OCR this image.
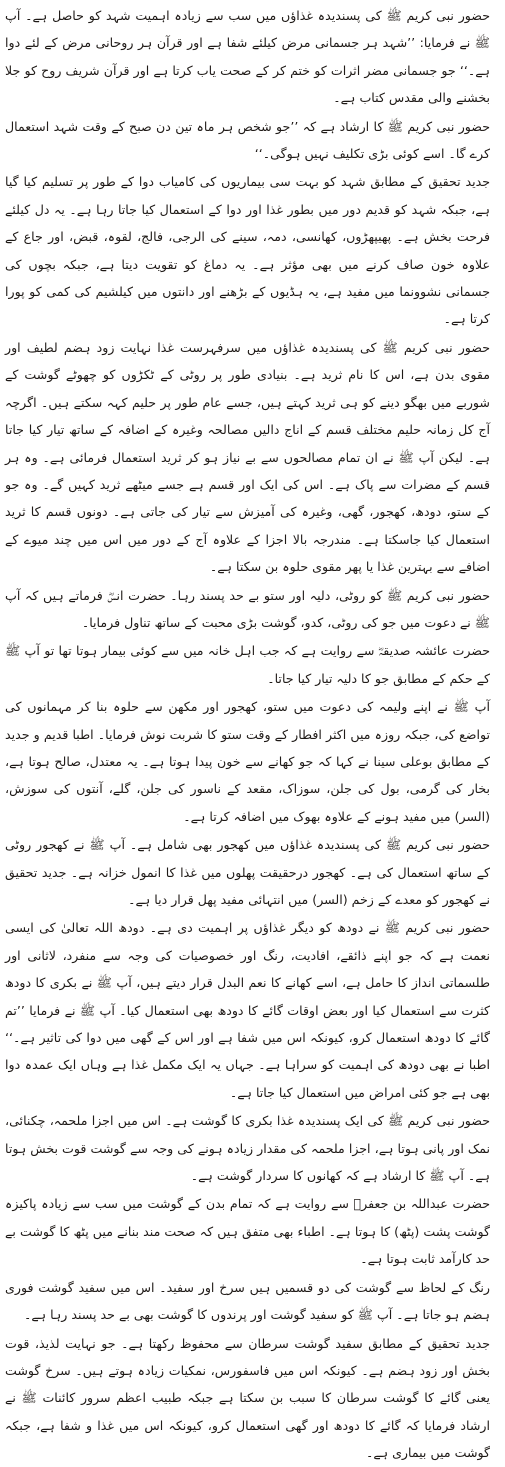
حضور نبی کریم ﷺ کی پسندیدہ غذاؤں میں سب سے زیادہ اہمیت شہد کو حاصل ہے۔ آپ ﷺ نے فرمایا: ’’شہد ہر جسمانی مرض کیلئے شفا ہے اور قرآن ہر روحانی مرض کے لئے دوا ہے۔‘‘ جو جسمانی مضر اثرات کو ختم کر کے صحت یاب کرتا ہے اور قرآن شریف روح کو جلا بخشنے والی مقدس کتاب ہے۔

حضور نبی کریم ﷺ کا ارشاد ہے کہ ’’جو شخص ہر ماہ تین دن صبح کے وقت شہد استعمال کرے گا۔ اسے کوئی بڑی تکلیف نہیں ہوگی۔‘‘

جدید تحقیق کے مطابق شہد کو بہت سی بیماریوں کی کامیاب دوا کے طور پر تسلیم کیا گیا ہے، جبکہ شہد کو قدیم دور میں بطور غذا اور دوا کے استعمال کیا جاتا رہا ہے۔ یہ دل کیلئے فرحت بخش ہے۔ پھیپھڑوں، کھانسی، دمہ، سینے کی الرجی، فالج، لقوہ، قبض، اور جاع کے علاوہ خون صاف کرنے میں بھی مؤثر ہے۔ یہ دماغ کو تقویت دیتا ہے، جبکہ بچوں کی جسمانی نشوونما میں مفید ہے، یہ ہڈیوں کے بڑھنے اور دانتوں میں کیلشیم کی کمی کو پورا کرتا ہے۔

حضور نبی کریم ﷺ کی پسندیدہ غذاؤں میں سرفہرست غذا نہایت زود ہضم لطیف اور مقوی بدن ہے، اس کا نام ثرید ہے۔ بنیادی طور پر روٹی کے ٹکڑوں کو چھوٹے گوشت کے شوربے میں بھگو دینے کو ہی ثرید کہتے ہیں، جسے عام طور پر حلیم کہہ سکتے ہیں۔ اگرچہ آج کل زمانہ حلیم مختلف قسم کے اناج دالیں مصالحہ وغیرہ کے اضافہ کے ساتھ تیار کیا جاتا ہے۔ لیکن آپ ﷺ نے ان تمام مصالحوں سے بے نیاز ہو کر ثرید استعمال فرمائی ہے۔ وہ ہر قسم کے مضرات سے پاک ہے۔ اس کی ایک اور قسم ہے جسے میٹھے ثرید کہیں گے۔ وہ جو کے ستو، دودھ، کھجور، گھی، وغیرہ کی آمیزش سے تیار کی جاتی ہے۔ دونوں قسم کا ثرید استعمال کیا جاسکتا ہے۔ مندرجہ بالا اجزا کے علاوہ آج کے دور میں اس میں چند میوے کے اضافے سے بہترین غذا یا پھر مقوی حلوہ بن سکتا ہے۔

حضور نبی کریم ﷺ کو روٹی، دلیہ اور ستو بے حد پسند رہا۔ حضرت انسؓ فرماتے ہیں کہ آپ ﷺ نے دعوت میں جو کی روٹی، کدو، گوشت بڑی محبت کے ساتھ تناول فرمایا۔

حضرت عائشہ صدیقہؓ سے روایت ہے کہ جب اہل خانہ میں سے کوئی بیمار ہوتا تھا تو آپ ﷺ کے حکم کے مطابق جو کا دلیہ تیار کیا جاتا۔

آپ ﷺ نے اپنے ولیمہ کی دعوت میں ستو، کھجور اور مکھن سے حلوہ بنا کر مہمانوں کی تواضع کی، جبکہ روزہ میں اکثر افطار کے وقت ستو کا شربت نوش فرمایا۔ اطبا قدیم و جدید کے مطابق بوعلی سینا نے کہا کہ جو کھانے سے خون پیدا ہوتا ہے۔ یہ معتدل، صالح ہوتا ہے، بخار کی گرمی، بول کی جلن، سوزاک، مقعد کے ناسور کی جلن، گلے، آنتوں کی سوزش، (السر) میں مفید ہونے کے علاوہ بھوک میں اضافہ کرتا ہے۔

حضور نبی کریم ﷺ کی پسندیدہ غذاؤں میں کھجور بھی شامل ہے۔ آپ ﷺ نے کھجور روٹی کے ساتھ استعمال کی ہے۔ کھجور درحقیقت پھلوں میں غذا کا انمول خزانہ ہے۔ جدید تحقیق نے کھجور کو معدے کے زخم (السر) میں انتہائی مفید پھل قرار دیا ہے۔

حضور نبی کریم ﷺ نے دودھ کو دیگر غذاؤں پر اہمیت دی ہے۔ دودھ اللہ تعالیٰ کی ایسی نعمت ہے کہ جو اپنے ذائقے، افادیت، رنگ اور خصوصیات کی وجہ سے منفرد، لاثانی اور طلسماتی انداز کا حامل ہے، اسے کھانے کا نعم البدل قرار دیتے ہیں، آپ ﷺ نے بکری کا دودھ کثرت سے استعمال کیا اور بعض اوقات گائے کا دودھ بھی استعمال کیا۔ آپ ﷺ نے فرمایا ’’تم گائے کا دودھ استعمال کرو، کیونکہ اس میں شفا ہے اور اس کے گھی میں دوا کی تاثیر ہے۔‘‘ اطبا نے بھی دودھ کی اہمیت کو سراہا ہے۔ جہاں یہ ایک مکمل غذا ہے وہاں ایک عمدہ دوا بھی ہے جو کئی امراض میں استعمال کیا جاتا ہے۔

حضور نبی کریم ﷺ کی ایک پسندیدہ غذا بکری کا گوشت ہے۔ اس میں اجزا ملحمہ، چکنائی، نمک اور پانی ہوتا ہے، اجزا ملحمہ کی مقدار زیادہ ہونے کی وجہ سے گوشت قوت بخش ہوتا ہے۔ آپ ﷺ کا ارشاد ہے کہ کھانوں کا سردار گوشت ہے۔

حضرت عبداللہ بن جعفرؓ سے روایت ہے کہ تمام بدن کے گوشت میں سب سے زیادہ پاکیزہ گوشت پشت (پٹھ) کا ہوتا ہے۔ اطباء بھی متفق ہیں کہ صحت مند بنانے میں پٹھ کا گوشت بے حد کارآمد ثابت ہوتا ہے۔

رنگ کے لحاظ سے گوشت کی دو قسمیں ہیں سرخ اور سفید۔ اس میں سفید گوشت فوری ہضم ہو جاتا ہے۔ آپ ﷺ کو سفید گوشت اور پرندوں کا گوشت بھی بے حد پسند رہا ہے۔

جدید تحقیق کے مطابق سفید گوشت سرطان سے محفوظ رکھتا ہے۔ جو نہایت لذیذ، قوت بخش اور زود ہضم ہے۔ کیونکہ اس میں فاسفورس، نمکیات زیادہ ہوتے ہیں۔ سرخ گوشت یعنی گائے کا گوشت سرطان کا سبب بن سکتا ہے جبکہ طبیب اعظم سرور کائنات ﷺ نے ارشاد فرمایا کہ گائے کا دودھ اور گھی استعمال کرو، کیونکہ اس میں غذا و شفا ہے، جبکہ گوشت میں بیماری ہے۔
